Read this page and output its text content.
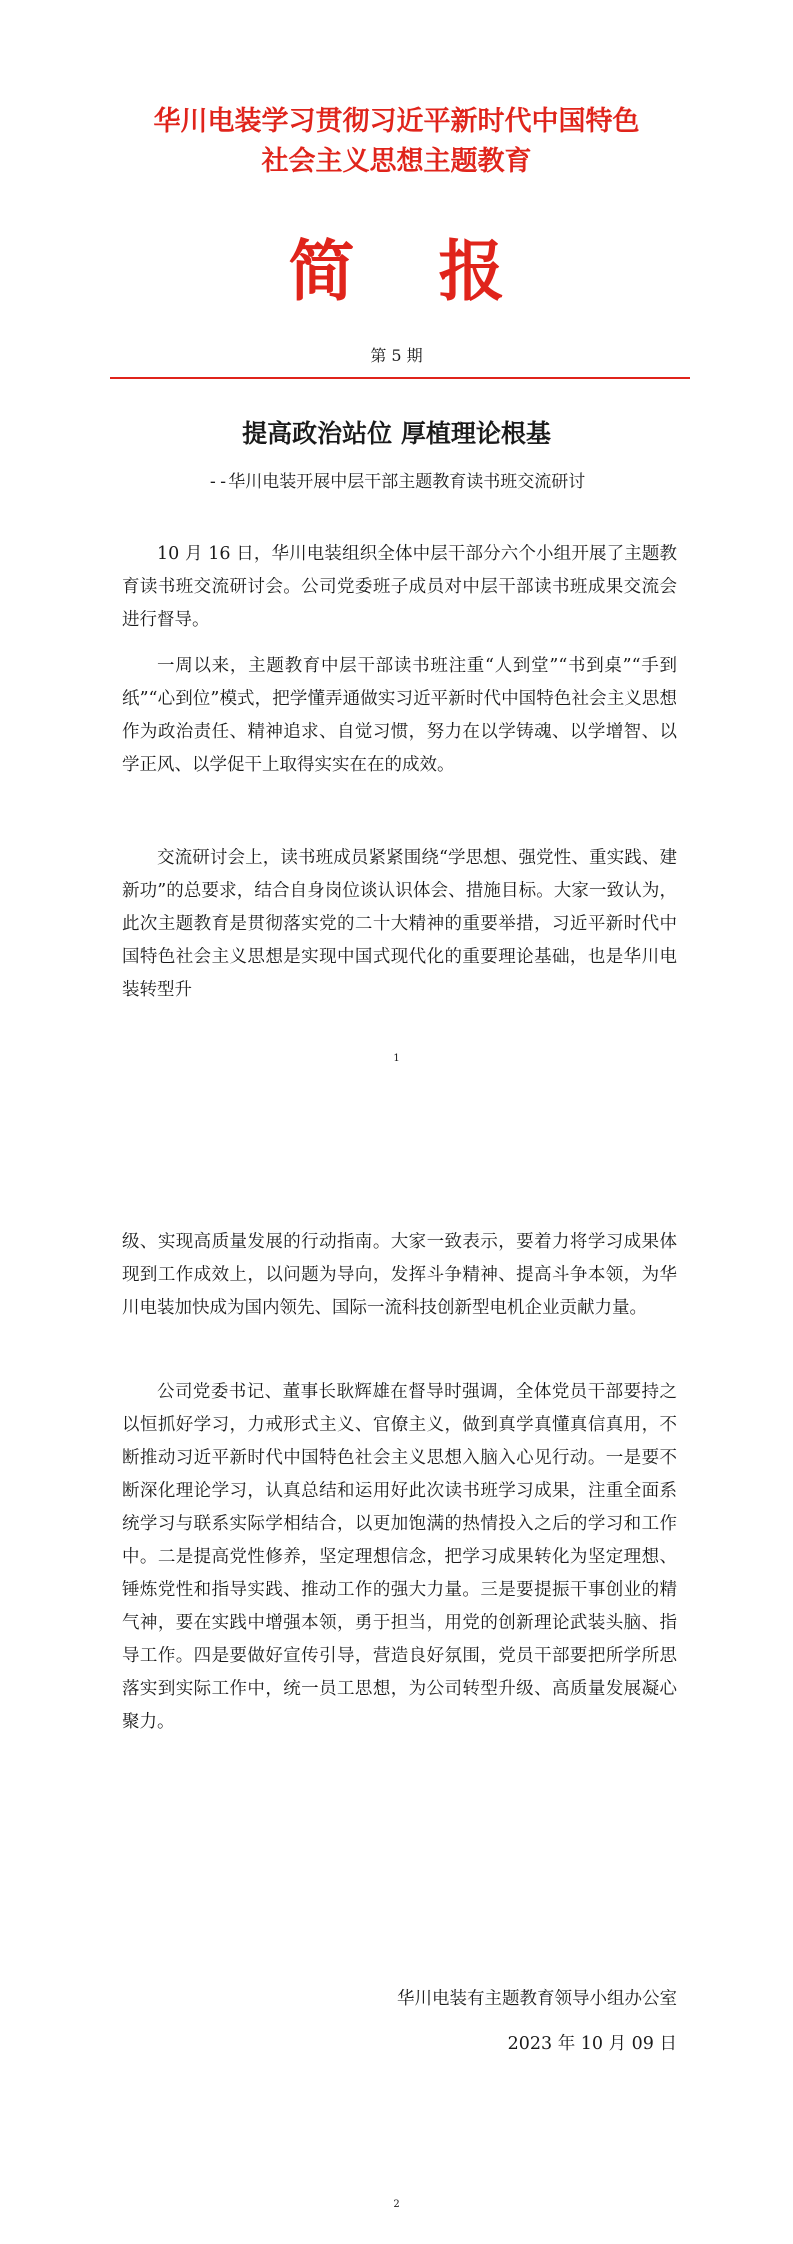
华川电装学习贯彻习近平新时代中国特色
社会主义思想主题教育
简报
第 5 期
提高政治站位 厚植理论根基
--华川电装开展中层干部主题教育读书班交流研讨

10 月 16 日，华川电装组织全体中层干部分六个小组开展了主题教育读书班交流研讨会。公司党委班子成员对中层干部读书班成果交流会进行督导。

一周以来，主题教育中层干部读书班注重“人到堂”“书到桌”“手到纸”“心到位”模式，把学懂弄通做实习近平新时代中国特色社会主义思想作为政治责任、精神追求、自觉习惯，努力在以学铸魂、以学增智、以学正风、以学促干上取得实实在在的成效。

交流研讨会上，读书班成员紧紧围绕“学思想、强党性、重实践、建新功”的总要求，结合自身岗位谈认识体会、措施目标。大家一致认为，此次主题教育是贯彻落实党的二十大精神的重要举措，习近平新时代中国特色社会主义思想是实现中国式现代化的重要理论基础，也是华川电装转型升

1

级、实现高质量发展的行动指南。大家一致表示，要着力将学习成果体现到工作成效上，以问题为导向，发挥斗争精神、提高斗争本领，为华川电装加快成为国内领先、国际一流科技创新型电机企业贡献力量。

公司党委书记、董事长耿辉雄在督导时强调，全体党员干部要持之以恒抓好学习，力戒形式主义、官僚主义，做到真学真懂真信真用，不断推动习近平新时代中国特色社会主义思想入脑入心见行动。一是要不断深化理论学习，认真总结和运用好此次读书班学习成果，注重全面系统学习与联系实际学相结合，以更加饱满的热情投入之后的学习和工作中。二是提高党性修养，坚定理想信念，把学习成果转化为坚定理想、锤炼党性和指导实践、推动工作的强大力量。三是要提振干事创业的精气神，要在实践中增强本领，勇于担当，用党的创新理论武装头脑、指导工作。四是要做好宣传引导，营造良好氛围，党员干部要把所学所思落实到实际工作中，统一员工思想，为公司转型升级、高质量发展凝心聚力。

华川电装有主题教育领导小组办公室
2023 年 10 月 09 日
2
